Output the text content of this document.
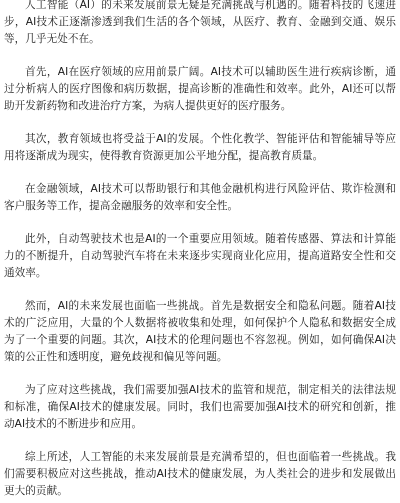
人工智能（AI）的未来发展前景无疑是充满挑战与机遇的。随着科技的飞速进步，AI技术正逐渐渗透到我们生活的各个领域，从医疗、教育、金融到交通、娱乐等，几乎无处不在。

首先，AI在医疗领域的应用前景广阔。AI技术可以辅助医生进行疾病诊断，通过分析病人的医疗图像和病历数据，提高诊断的准确性和效率。此外，AI还可以帮助开发新药物和改进治疗方案，为病人提供更好的医疗服务。

其次，教育领域也将受益于AI的发展。个性化教学、智能评估和智能辅导等应用将逐渐成为现实，使得教育资源更加公平地分配，提高教育质量。

在金融领域，AI技术可以帮助银行和其他金融机构进行风险评估、欺诈检测和客户服务等工作，提高金融服务的效率和安全性。

此外，自动驾驶技术也是AI的一个重要应用领域。随着传感器、算法和计算能力的不断提升，自动驾驶汽车将在未来逐步实现商业化应用，提高道路安全性和交通效率。

然而，AI的未来发展也面临一些挑战。首先是数据安全和隐私问题。随着AI技术的广泛应用，大量的个人数据将被收集和处理，如何保护个人隐私和数据安全成为了一个重要的问题。其次，AI技术的伦理问题也不容忽视。例如，如何确保AI决策的公正性和透明度，避免歧视和偏见等问题。

为了应对这些挑战，我们需要加强AI技术的监管和规范，制定相关的法律法规和标准，确保AI技术的健康发展。同时，我们也需要加强AI技术的研究和创新，推动AI技术的不断进步和应用。

综上所述，人工智能的未来发展前景是充满希望的，但也面临着一些挑战。我们需要积极应对这些挑战，推动AI技术的健康发展，为人类社会的进步和发展做出更大的贡献。
